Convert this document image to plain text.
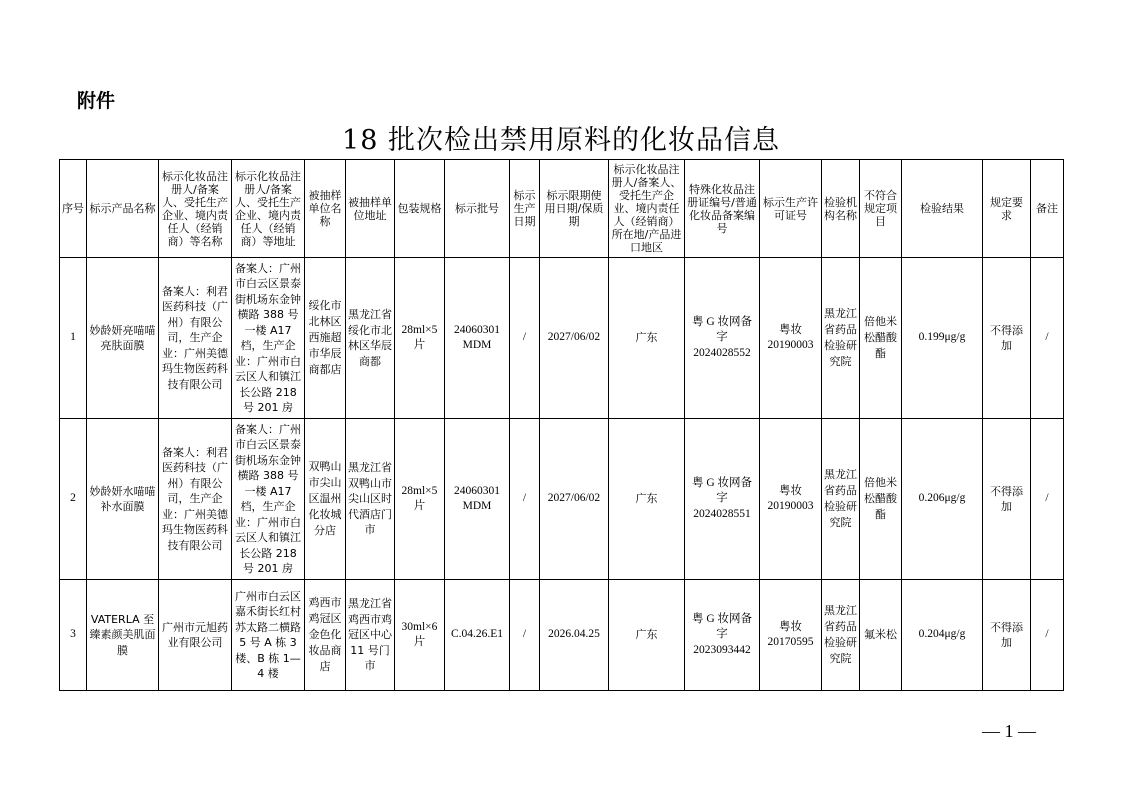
附件
18 批次检出禁用原料的化妆品信息
序号	标示产品名称	标示化妆品注册人/备案人、受托生产企业、境内责任人（经销商）等名称	标示化妆品注册人/备案人、受托生产企业、境内责任人（经销商）等地址	被抽样单位名称	被抽样单位地址	包装规格	标示批号	标示生产日期	标示限期使用日期/保质期	标示化妆品注册人/备案人、受托生产企业、境内责任人（经销商）所在地/产品进口地区	特殊化妆品注册证编号/普通化妆品备案编号	标示生产许可证号	检验机构名称	不符合规定项目	检验结果	规定要求	备注
1	妙龄妍亮喵喵亮肤面膜	备案人：利君医药科技（广州）有限公司，生产企业：广州美德玛生物医药科技有限公司	备案人：广州市白云区景泰街机场东金钟横路 388 号一楼 A17 档，生产企业：广州市白云区人和镇江长公路 218 号 201 房	绥化市北林区西施超市华辰商都店	黑龙江省绥化市北林区华辰商都	28ml×5 片	24060301 MDM	/	2027/06/02	广东	粤 G 妆网备字 2024028552	粤妆 20190003	黑龙江省药品检验研究院	倍他米松醋酸酯	0.199μg/g	不得添加	/
2	妙龄妍水喵喵补水面膜	备案人：利君医药科技（广州）有限公司，生产企业：广州美德玛生物医药科技有限公司	备案人：广州市白云区景泰街机场东金钟横路 388 号一楼 A17 档，生产企业：广州市白云区人和镇江长公路 218 号 201 房	双鸭山市尖山区温州化妆城分店	黑龙江省双鸭山市尖山区时代酒店门市	28ml×5 片	24060301 MDM	/	2027/06/02	广东	粤 G 妆网备字 2024028551	粤妆 20190003	黑龙江省药品检验研究院	倍他米松醋酸酯	0.206μg/g	不得添加	/
3	VATERLA 至臻素颜美肌面膜	广州市元旭药业有限公司	广州市白云区嘉禾街长红村苏太路二横路 5 号 A 栋 3 楼、B 栋 1—4 楼	鸡西市鸡冠区金色化妆品商店	黑龙江省鸡西市鸡冠区中心 11 号门市	30ml×6 片	C.04.26.E1	/	2026.04.25	广东	粤 G 妆网备字 2023093442	粤妆 20170595	黑龙江省药品检验研究院	氟米松	0.204μg/g	不得添加	/
— 1 —
